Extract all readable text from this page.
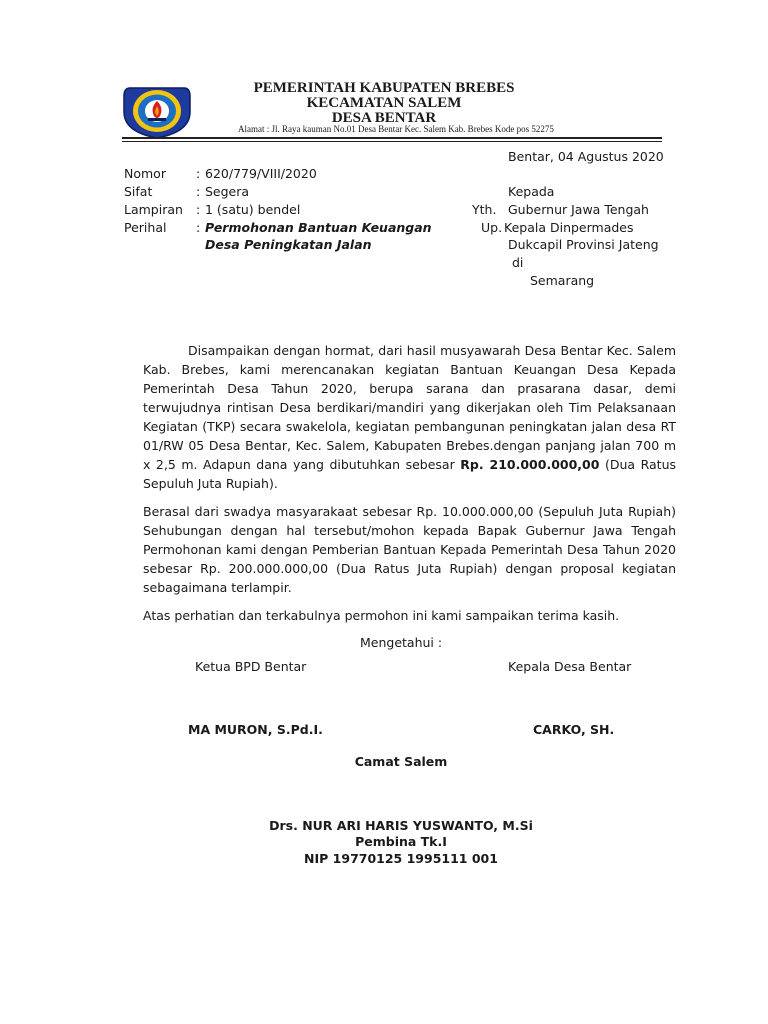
PEMERINTAH KABUPATEN BREBES
KECAMATAN SALEM
DESA BENTAR
Alamat : Jl. Raya kauman No.01 Desa Bentar Kec. Salem Kab. Brebes Kode pos 52275
Bentar, 04 Agustus 2020
Nomor : 620/779/VIII/2020
Sifat	: Segera
Lampiran : 1 (satu) bendel
Perihal : Permohonan Bantuan Keuangan
Desa Peningkatan Jalan
Kepada
Yth. Gubernur Jawa Tengah
Up. Kepala Dinpermades
Dukcapil Provinsi Jateng
di
Semarang

Disampaikan dengan hormat, dari hasil musyawarah Desa Bentar Kec. Salem Kab. Brebes, kami merencanakan kegiatan Bantuan Keuangan Desa Kepada Pemerintah Desa Tahun 2020, berupa sarana dan prasarana dasar, demi terwujudnya rintisan Desa berdikari/mandiri yang dikerjakan oleh Tim Pelaksanaan Kegiatan (TKP) secara swakelola, kegiatan pembangunan peningkatan jalan desa RT 01/RW 05 Desa Bentar, Kec. Salem, Kabupaten Brebes.dengan panjang jalan 700 m x 2,5 m. Adapun dana yang dibutuhkan sebesar Rp. 210.000.000,00 (Dua Ratus Sepuluh Juta Rupiah).

Berasal dari swadya masyarakaat sebesar Rp. 10.000.000,00 (Sepuluh Juta Rupiah) Sehubungan dengan hal tersebut/mohon kepada Bapak Gubernur Jawa Tengah Permohonan kami dengan Pemberian Bantuan Kepada Pemerintah Desa Tahun 2020 sebesar Rp. 200.000.000,00 (Dua Ratus Juta Rupiah) dengan proposal kegiatan sebagaimana terlampir.

Atas perhatian dan terkabulnya permohon ini kami sampaikan terima kasih.

Mengetahui :
Ketua BPD Bentar	Kepala Desa Bentar
MA MURON, S.Pd.I.	CARKO, SH.
Camat Salem
Drs. NUR ARI HARIS YUSWANTO, M.Si
Pembina Tk.I
NIP 19770125 1995111 001
